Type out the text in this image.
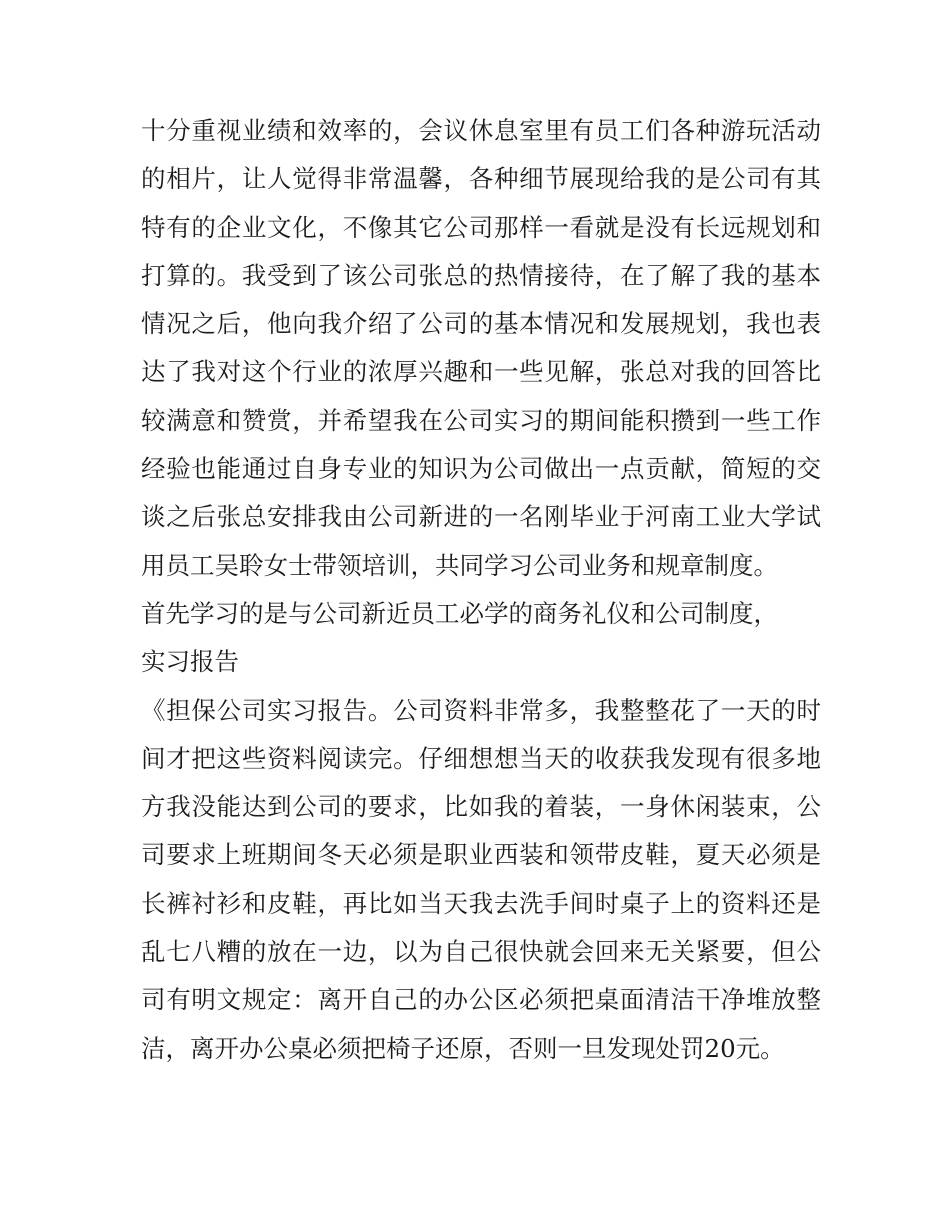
十分重视业绩和效率的，会议休息室里有员工们各种游玩活动
的相片，让人觉得非常温馨，各种细节展现给我的是公司有其
特有的企业文化，不像其它公司那样一看就是没有长远规划和
打算的。我受到了该公司张总的热情接待，在了解了我的基本
情况之后，他向我介绍了公司的基本情况和发展规划，我也表
达了我对这个行业的浓厚兴趣和一些见解，张总对我的回答比
较满意和赞赏，并希望我在公司实习的期间能积攒到一些工作
经验也能通过自身专业的知识为公司做出一点贡献，简短的交
谈之后张总安排我由公司新进的一名刚毕业于河南工业大学试
用员工吴聆女士带领培训，共同学习公司业务和规章制度。
首先学习的是与公司新近员工必学的商务礼仪和公司制度，
实习报告
《担保公司实习报告。公司资料非常多，我整整花了一天的时
间才把这些资料阅读完。仔细想想当天的收获我发现有很多地
方我没能达到公司的要求，比如我的着装，一身休闲装束，公
司要求上班期间冬天必须是职业西装和领带皮鞋，夏天必须是
长裤衬衫和皮鞋，再比如当天我去洗手间时桌子上的资料还是
乱七八糟的放在一边，以为自己很快就会回来无关紧要，但公
司有明文规定：离开自己的办公区必须把桌面清洁干净堆放整
洁，离开办公桌必须把椅子还原，否则一旦发现处罚20元。
